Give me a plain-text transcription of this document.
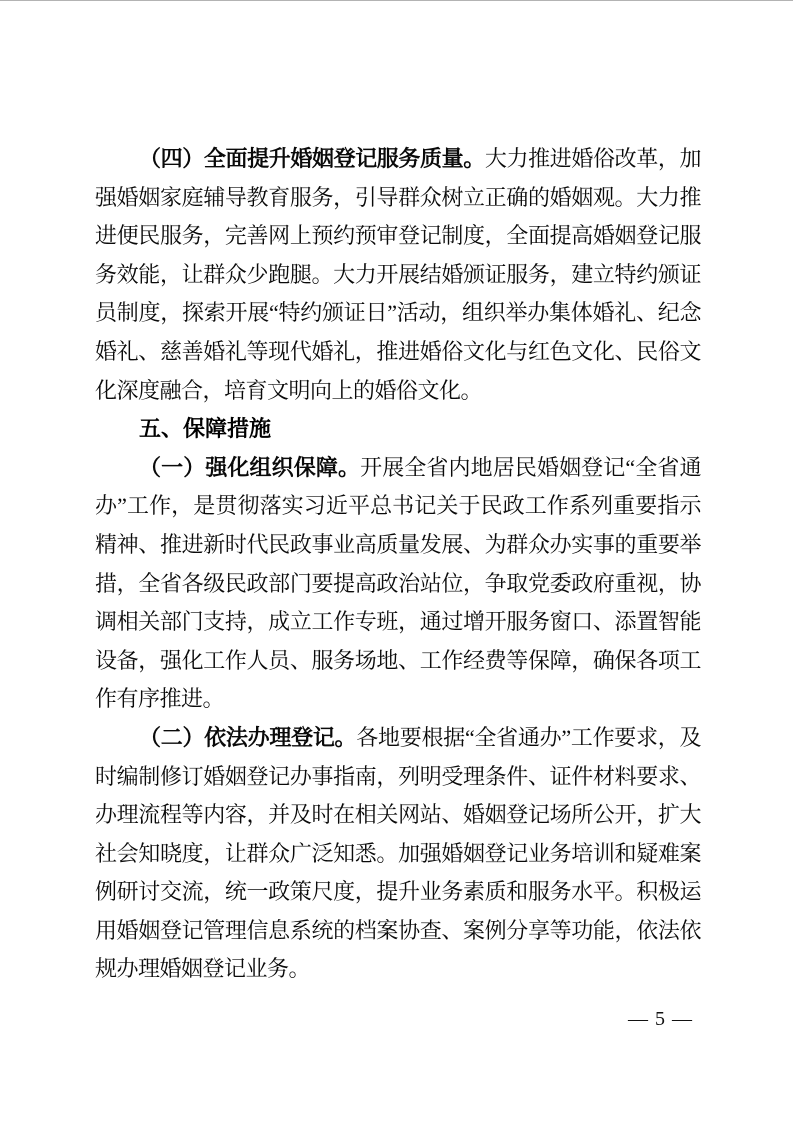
（四）全面提升婚姻登记服务质量。大力推进婚俗改革，加强婚姻家庭辅导教育服务，引导群众树立正确的婚姻观。大力推进便民服务，完善网上预约预审登记制度，全面提高婚姻登记服务效能，让群众少跑腿。大力开展结婚颁证服务，建立特约颁证员制度，探索开展“特约颁证日”活动，组织举办集体婚礼、纪念婚礼、慈善婚礼等现代婚礼，推进婚俗文化与红色文化、民俗文化深度融合，培育文明向上的婚俗文化。

五、保障措施

（一）强化组织保障。开展全省内地居民婚姻登记“全省通办”工作，是贯彻落实习近平总书记关于民政工作系列重要指示精神、推进新时代民政事业高质量发展、为群众办实事的重要举措，全省各级民政部门要提高政治站位，争取党委政府重视，协调相关部门支持，成立工作专班，通过增开服务窗口、添置智能设备，强化工作人员、服务场地、工作经费等保障，确保各项工作有序推进。

（二）依法办理登记。各地要根据“全省通办”工作要求，及时编制修订婚姻登记办事指南，列明受理条件、证件材料要求、办理流程等内容，并及时在相关网站、婚姻登记场所公开，扩大社会知晓度，让群众广泛知悉。加强婚姻登记业务培训和疑难案例研讨交流，统一政策尺度，提升业务素质和服务水平。积极运用婚姻登记管理信息系统的档案协查、案例分享等功能，依法依规办理婚姻登记业务。

— 5 —
